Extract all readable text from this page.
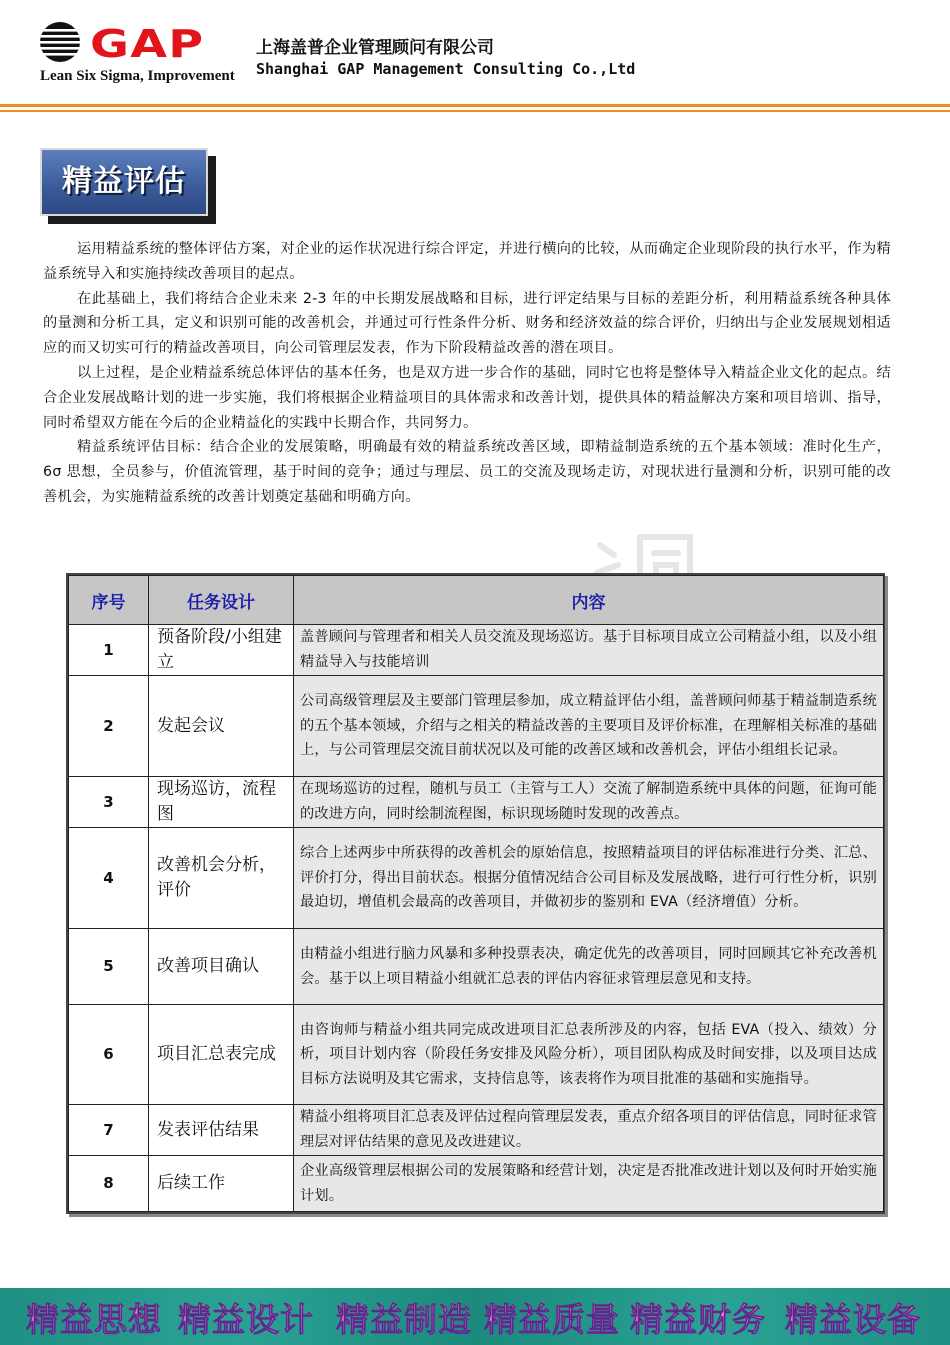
GAP
Lean Six Sigma, Improvement
上海盖普企业管理顾问有限公司
Shanghai GAP Management Consulting Co.,Ltd
精益评估

运用精益系统的整体评估方案，对企业的运作状况进行综合评定，并进行横向的比较，从而确定企业现阶段的执行水平，作为精益系统导入和实施持续改善项目的起点。

在此基础上，我们将结合企业未来 2-3 年的中长期发展战略和目标，进行评定结果与目标的差距分析，利用精益系统各种具体的量测和分析工具，定义和识别可能的改善机会，并通过可行性条件分析、财务和经济效益的综合评价，归纳出与企业发展规划相适应的而又切实可行的精益改善项目，向公司管理层发表，作为下阶段精益改善的潜在项目。

以上过程，是企业精益系统总体评估的基本任务，也是双方进一步合作的基础，同时它也将是整体导入精益企业文化的起点。结合企业发展战略计划的进一步实施，我们将根据企业精益项目的具体需求和改善计划，提供具体的精益解决方案和项目培训、指导，同时希望双方能在今后的企业精益化的实践中长期合作，共同努力。

精益系统评估目标：结合企业的发展策略，明确最有效的精益系统改善区域，即精益制造系统的五个基本领域：准时化生产，6σ 思想，全员参与，价值流管理，基于时间的竞争；通过与理层、员工的交流及现场走访，对现状进行量测和分析，识别可能的改善机会，为实施精益系统的改善计划奠定基础和明确方向。

序号	任务设计	内容
1	预备阶段/小组建立	盖普顾问与管理者和相关人员交流及现场巡访。基于目标项目成立公司精益小组，以及小组精益导入与技能培训
2	发起会议	公司高级管理层及主要部门管理层参加，成立精益评估小组，盖普顾问师基于精益制造系统的五个基本领域，介绍与之相关的精益改善的主要项目及评价标准，在理解相关标准的基础上，与公司管理层交流目前状况以及可能的改善区域和改善机会，评估小组组长记录。
3	现场巡访，流程图	在现场巡访的过程，随机与员工（主管与工人）交流了解制造系统中具体的问题，征询可能的改进方向，同时绘制流程图，标识现场随时发现的改善点。
4	改善机会分析，评价	综合上述两步中所获得的改善机会的原始信息，按照精益项目的评估标准进行分类、汇总、评价打分，得出目前状态。根据分值情况结合公司目标及发展战略，进行可行性分析，识别最迫切，增值机会最高的改善项目，并做初步的鉴别和 EVA（经济增值）分析。
5	改善项目确认	由精益小组进行脑力风暴和多种投票表决，确定优先的改善项目，同时回顾其它补充改善机会。基于以上项目精益小组就汇总表的评估内容征求管理层意见和支持。
6	项目汇总表完成	由咨询师与精益小组共同完成改进项目汇总表所涉及的内容，包括 EVA（投入、绩效）分析，项目计划内容（阶段任务安排及风险分析），项目团队构成及时间安排，以及项目达成目标方法说明及其它需求，支持信息等，该表将作为项目批准的基础和实施指导。
7	发表评估结果	精益小组将项目汇总表及评估过程向管理层发表，重点介绍各项目的评估信息，同时征求管理层对评估结果的意见及改进建议。
8	后续工作	企业高级管理层根据公司的发展策略和经营计划，决定是否批准改进计划以及何时开始实施计划。
精益思想 精益设计 精益制造 精益质量 精益财务 精益设备
